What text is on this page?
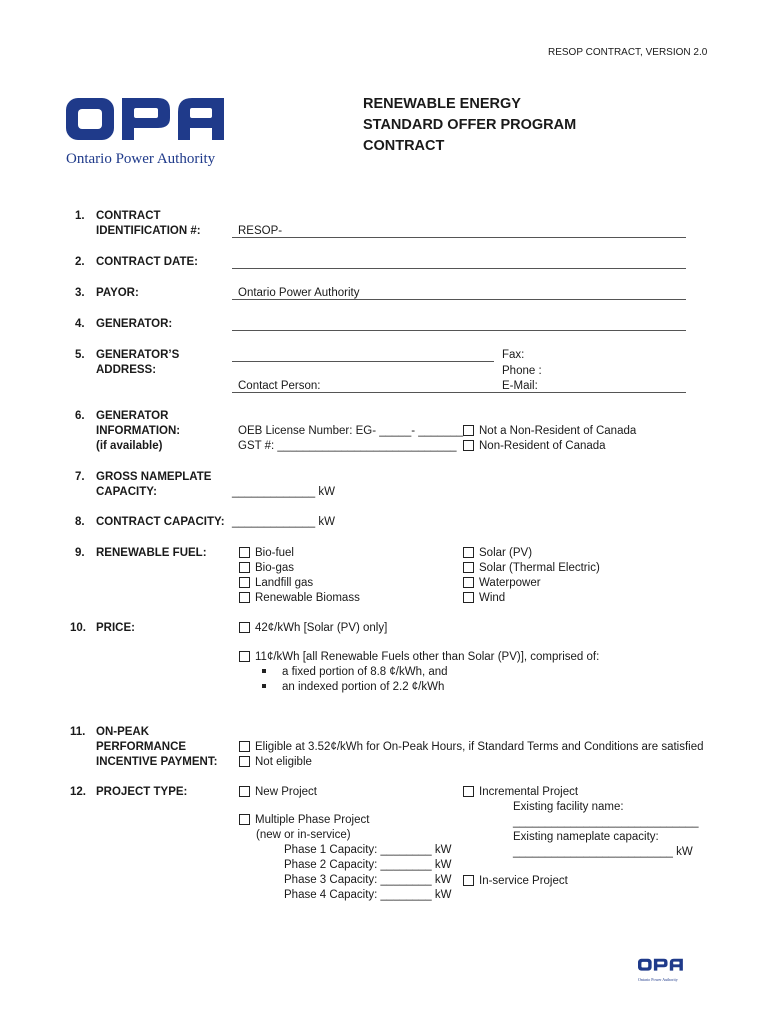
RESOP CONTRACT, VERSION 2.0
Ontario Power Authority
RENEWABLE ENERGY
STANDARD OFFER PROGRAM
CONTRACT
1. CONTRACT
IDENTIFICATION #:	RESOP-
2. CONTRACT DATE:
3. PAYOR:	Ontario Power Authority
4. GENERATOR:
5. GENERATOR’S
ADDRESS:
Fax:
Phone :
Contact Person:	E-Mail:
6. GENERATOR
INFORMATION:
(if available)
OEB License Number: EG- _____- _______
GST #: ____________________________
Not a Non-Resident of Canada
Non-Resident of Canada
7. GROSS NAMEPLATE
CAPACITY:	_____________ kW
8. CONTRACT CAPACITY: _____________ kW
9. RENEWABLE FUEL:	Bio-fuel
Bio-gas
Landfill gas
Renewable Biomass
Solar (PV)
Solar (Thermal Electric)
Waterpower
Wind
10. PRICE:	42¢/kWh [Solar (PV) only]
11¢/kWh [all Renewable Fuels other than Solar (PV)], comprised of:
a fixed portion of 8.8 ¢/kWh, and
an indexed portion of 2.2 ¢/kWh
11. ON-PEAK
PERFORMANCE
INCENTIVE PAYMENT:
Eligible at 3.52¢/kWh for On-Peak Hours, if Standard Terms and Conditions are satisfied
Not eligible
12. PROJECT TYPE:	New Project
Multiple Phase Project
(new or in-service)
Phase 1 Capacity: ________ kW
Phase 2 Capacity: ________ kW
Phase 3 Capacity: ________ kW
Phase 4 Capacity: ________ kW
Incremental Project
Existing facility name:
_____________________________
Existing nameplate capacity:
_________________________ kW
In-service Project
Ontario Power Authority
